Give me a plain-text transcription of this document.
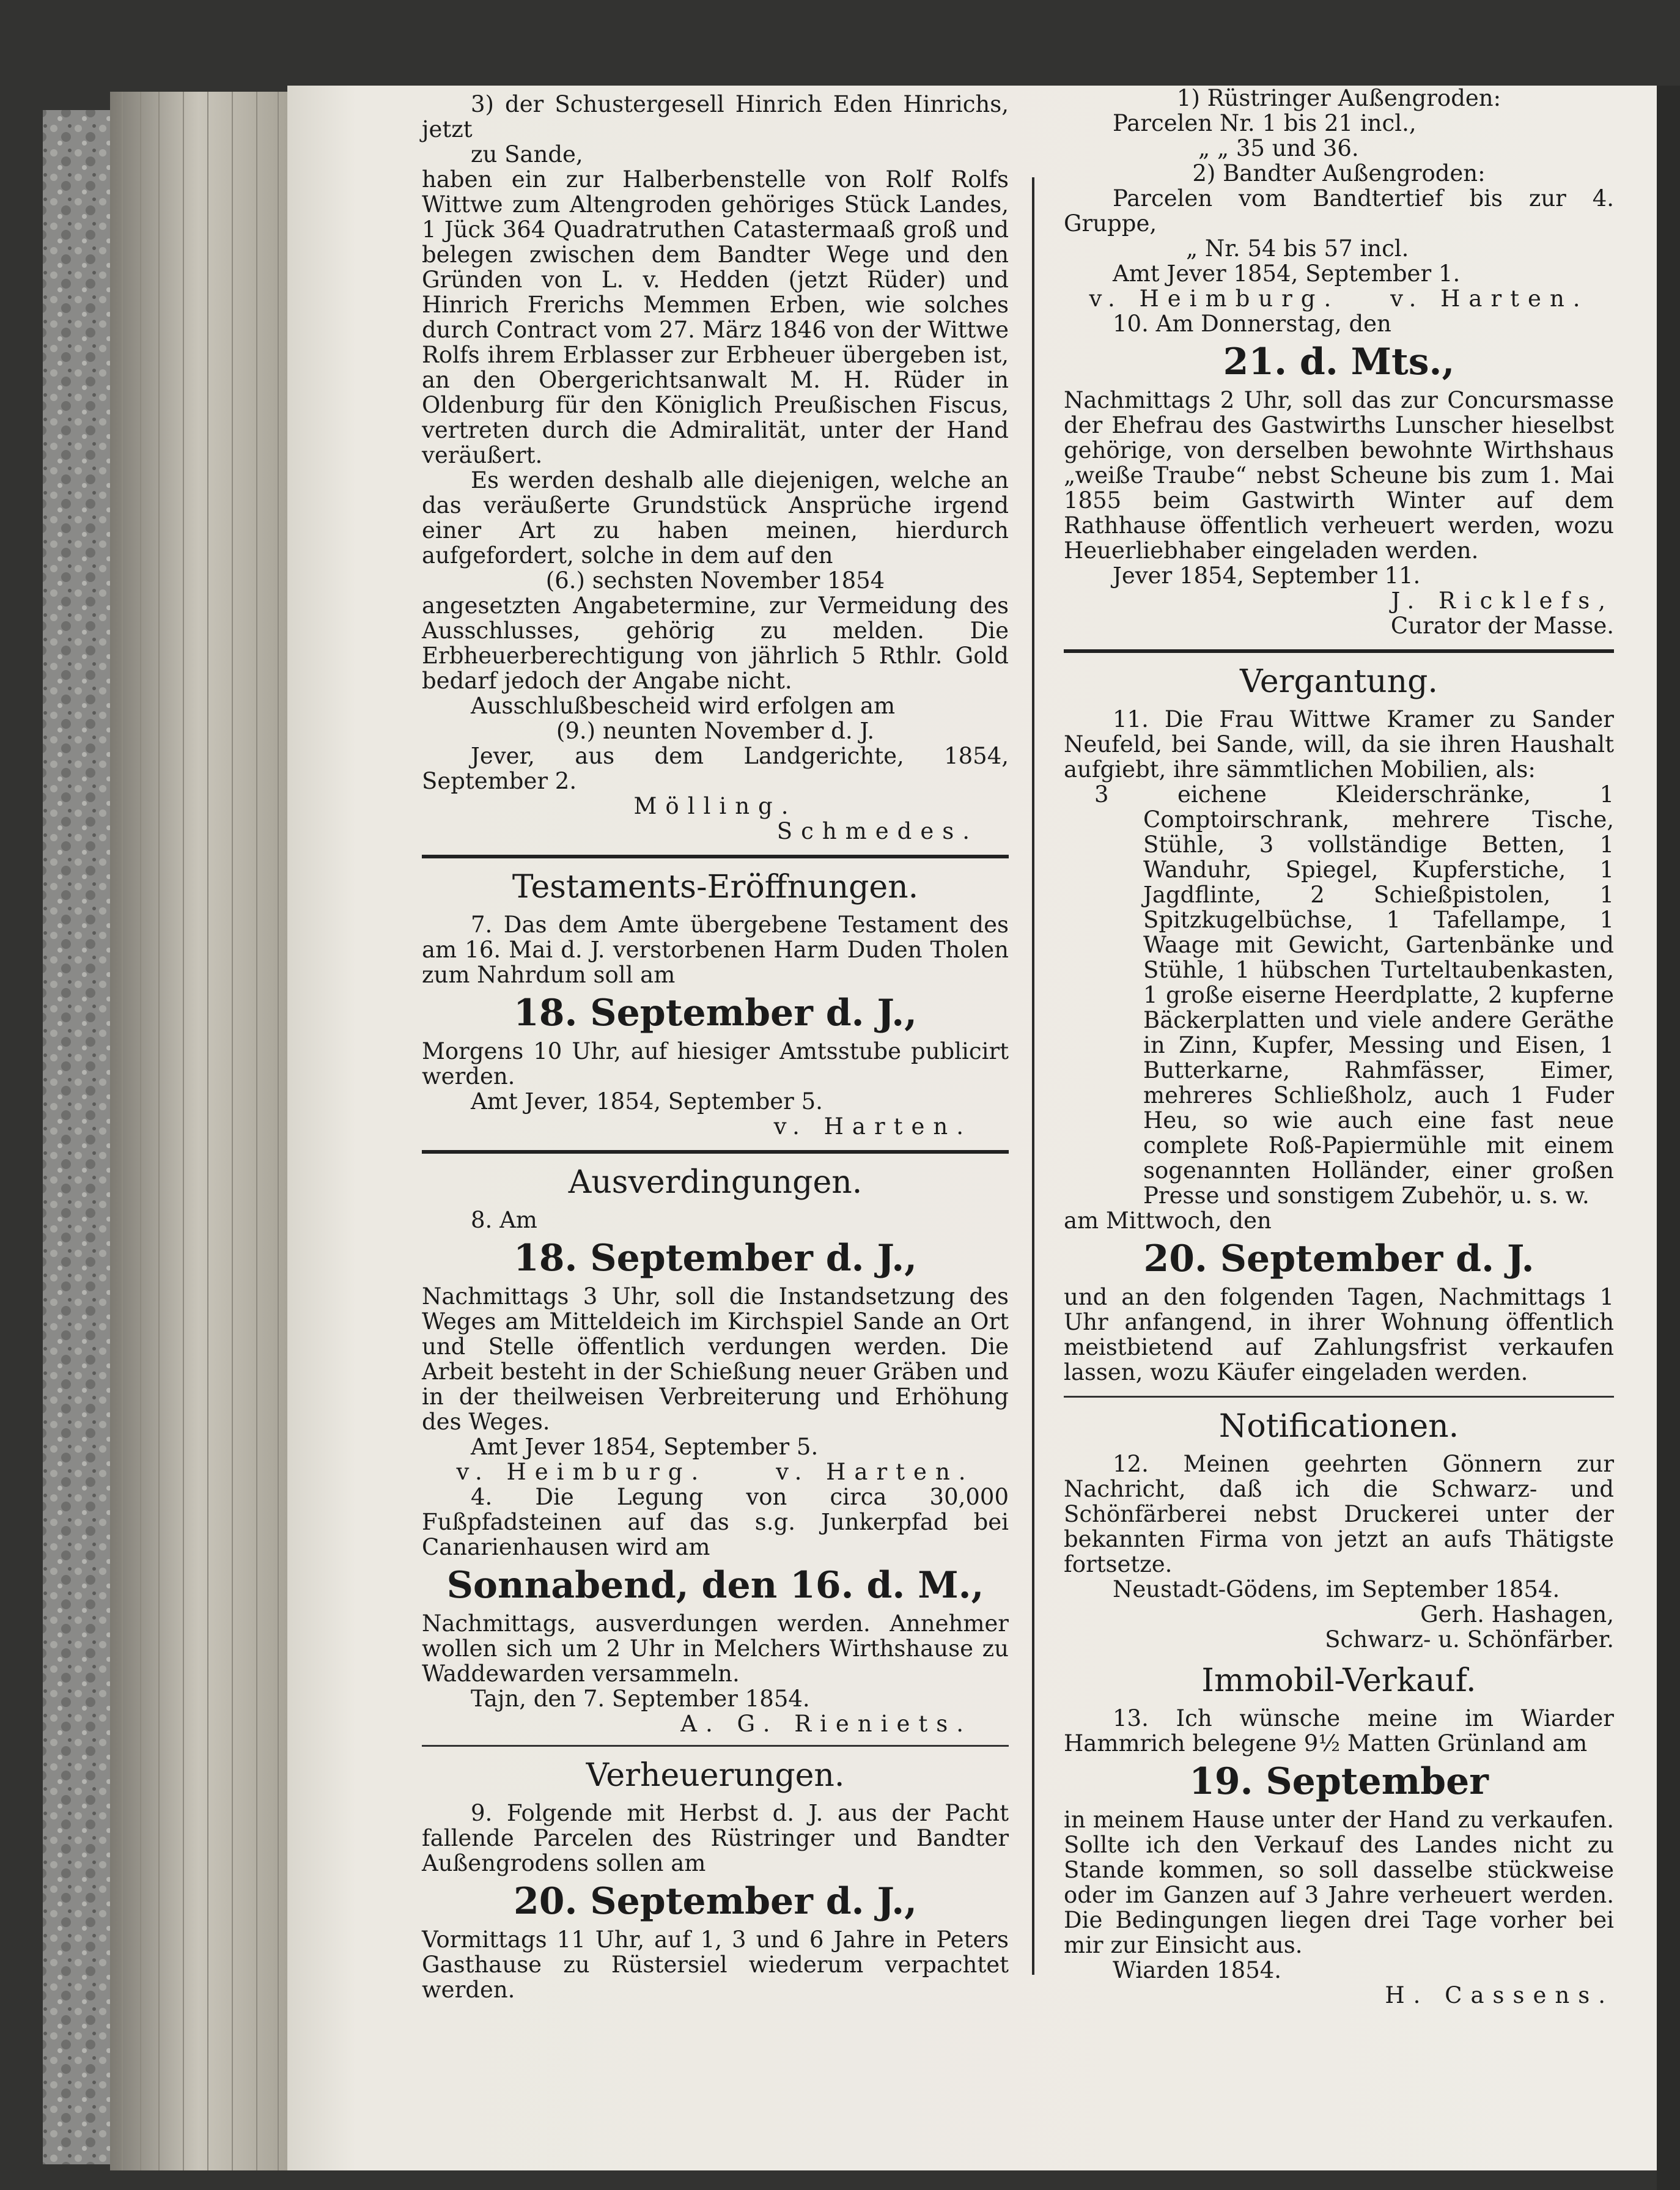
3) der Schustergesell Hinrich Eden Hinrichs, jetzt

zu Sande,

haben ein zur Halberbenstelle von Rolf Rolfs Wittwe zum Altengroden gehöriges Stück Landes, 1 Jück 364 Quadratruthen Catastermaaß groß und belegen zwischen dem Bandter Wege und den Gründen von L. v. Hedden (jetzt Rüder) und Hinrich Frerichs Memmen Erben, wie solches durch Contract vom 27. März 1846 von der Wittwe Rolfs ihrem Erblasser zur Erbheuer übergeben ist, an den Obergerichtsanwalt M. H. Rüder in Oldenburg für den Königlich Preußischen Fiscus, vertreten durch die Admiralität, unter der Hand veräußert.

Es werden deshalb alle diejenigen, welche an das veräußerte Grundstück Ansprüche irgend einer Art zu haben meinen, hierdurch aufgefordert, solche in dem auf den

(6.) sechsten November 1854

angesetzten Angabetermine, zur Vermeidung des Ausschlusses, gehörig zu melden. Die Erbheuerberechtigung von jährlich 5 Rthlr. Gold bedarf jedoch der Angabe nicht.

Ausschlußbescheid wird erfolgen am

(9.) neunten November d. J.

Jever, aus dem Landgerichte, 1854, September 2.

Mölling.

Schmedes.

Testaments-Eröffnungen.

7. Das dem Amte übergebene Testament des am 16. Mai d. J. verstorbenen Harm Duden Tholen zum Nahrdum soll am

18. September d. J.,

Morgens 10 Uhr, auf hiesiger Amtsstube publicirt werden.

Amt Jever, 1854, September 5.

v. Harten.

Ausverdingungen.

8. Am

18. September d. J.,

Nachmittags 3 Uhr, soll die Instandsetzung des Weges am Mitteldeich im Kirchspiel Sande an Ort und Stelle öffentlich verdungen werden. Die Arbeit besteht in der Schießung neuer Gräben und in der theilweisen Verbreiterung und Erhöhung des Weges.

Amt Jever 1854, September 5.

v. Heimburg.	v. Harten.

4. Die Legung von circa 30,000 Fußpfadsteinen auf das s.g. Junkerpfad bei Canarienhausen wird am

Sonnabend, den 16. d. M.,

Nachmittags, ausverdungen werden. Annehmer wollen sich um 2 Uhr in Melchers Wirthshause zu Waddewarden versammeln.

Tajn, den 7. September 1854.

A. G. Rieniets.

Verheuerungen.

9. Folgende mit Herbst d. J. aus der Pacht fallende Parcelen des Rüstringer und Bandter Außengrodens sollen am

20. September d. J.,

Vormittags 11 Uhr, auf 1, 3 und 6 Jahre in Peters Gasthause zu Rüstersiel wiederum verpachtet werden.

1) Rüstringer Außengroden:

Parcelen Nr. 1 bis 21 incl.,

„ „ 35 und 36.

2) Bandter Außengroden:

Parcelen vom Bandtertief bis zur 4. Gruppe,

„ Nr. 54 bis 57 incl.

Amt Jever 1854, September 1.

v. Heimburg. v. Harten.

10. Am Donnerstag, den

21. d. Mts.,

Nachmittags 2 Uhr, soll das zur Concursmasse der Ehefrau des Gastwirths Lunscher hieselbst gehörige, von derselben bewohnte Wirthshaus „weiße Traube“ nebst Scheune bis zum 1. Mai 1855 beim Gastwirth Winter auf dem Rathhause öffentlich verheuert werden, wozu Heuerliebhaber eingeladen werden.

Jever 1854, September 11.

J. Ricklefs,

Curator der Masse.

Vergantung.

11. Die Frau Wittwe Kramer zu Sander Neufeld, bei Sande, will, da sie ihren Haushalt aufgiebt, ihre sämmtlichen Mobilien, als:

3 eichene Kleiderschränke, 1 Comptoirschrank, mehrere Tische, Stühle, 3 vollständige Betten, 1 Wanduhr, Spiegel, Kupferstiche, 1 Jagdflinte, 2 Schießpistolen, 1 Spitzkugelbüchse, 1 Tafellampe, 1 Waage mit Gewicht, Gartenbänke und Stühle, 1 hübschen Turteltaubenkasten, 1 große eiserne Heerdplatte, 2 kupferne Bäckerplatten und viele andere Geräthe in Zinn, Kupfer, Messing und Eisen, 1 Butterkarne, Rahmfässer, Eimer, mehreres Schließholz, auch 1 Fuder Heu, so wie auch eine fast neue complete Roß-Papiermühle mit einem sogenannten Holländer, einer großen Presse und sonstigem Zubehör, u. s. w.

am Mittwoch, den

20. September d. J.

und an den folgenden Tagen, Nachmittags 1 Uhr anfangend, in ihrer Wohnung öffentlich meistbietend auf Zahlungsfrist verkaufen lassen, wozu Käufer eingeladen werden.

Notificationen.

12. Meinen geehrten Gönnern zur Nachricht, daß ich die Schwarz- und Schönfärberei nebst Druckerei unter der bekannten Firma von jetzt an aufs Thätigste fortsetze.

Neustadt-Gödens, im September 1854.

Gerh. Hashagen,

Schwarz- u. Schönfärber.

Immobil-Verkauf.

13. Ich wünsche meine im Wiarder Hammrich belegene 9½ Matten Grünland am

19. September

in meinem Hause unter der Hand zu verkaufen. Sollte ich den Verkauf des Landes nicht zu Stande kommen, so soll dasselbe stückweise oder im Ganzen auf 3 Jahre verheuert werden. Die Bedingungen liegen drei Tage vorher bei mir zur Einsicht aus.

Wiarden 1854.

H. Cassens.
